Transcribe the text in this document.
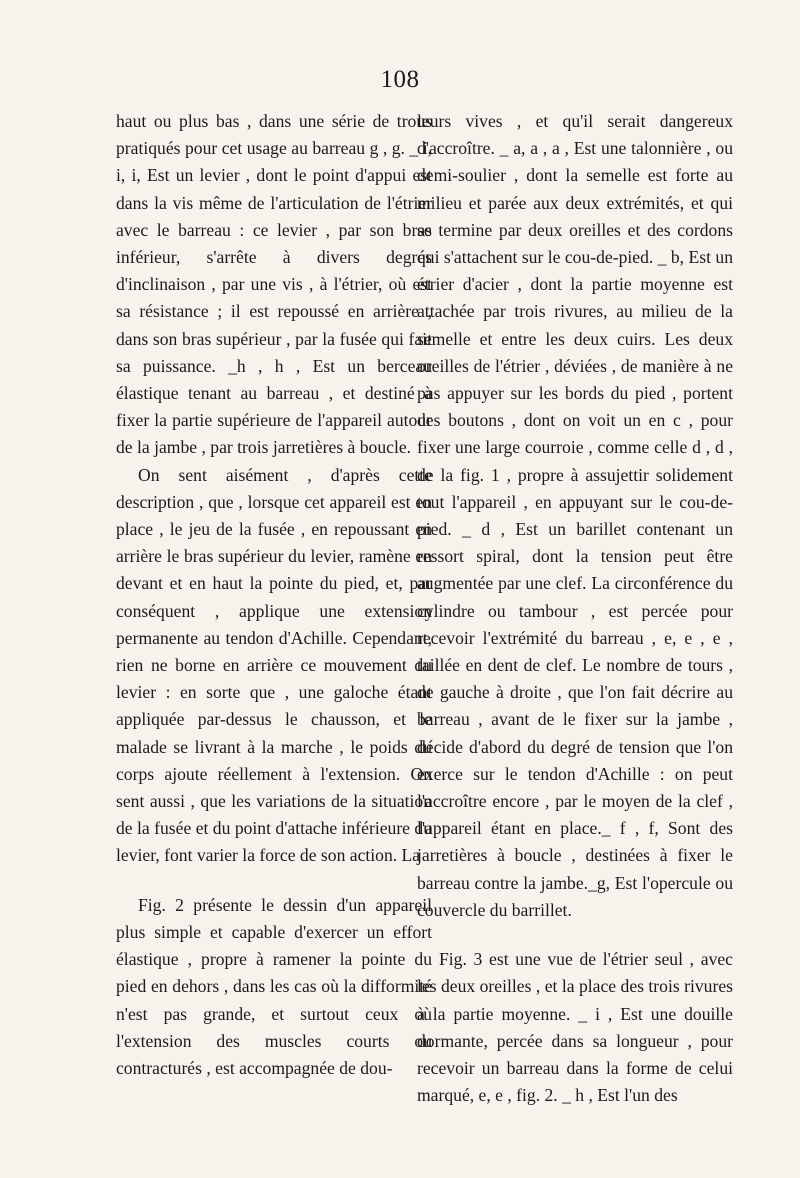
108

haut ou plus bas , dans une série de trous pratiqués pour cet usage au barreau g , g. _ i, i, i, Est un levier , dont le point d'appui est dans la vis même de l'articulation de l'étrier avec le barreau : ce levier , par son bras inférieur, s'arrête à divers degrés d'inclinaison , par une vis , à l'étrier, où est sa résistance ; il est repoussé en arrière , dans son bras supérieur , par la fusée qui fait sa puissance. _h , h , Est un berceau élastique tenant au barreau , et destiné à fixer la partie supérieure de l'appareil autour de la jambe , par trois jarretières à boucle.

On sent aisément , d'après cette description , que , lorsque cet appareil est en place , le jeu de la fusée , en repoussant en arrière le bras supérieur du levier, ramène en devant et en haut la pointe du pied, et, par conséquent , applique une extension permanente au tendon d'Achille. Cependant, rien ne borne en arrière ce mouvement du levier : en sorte que , une galoche étant appliquée par-dessus le chausson, et le malade se livrant à la marche , le poids du corps ajoute réellement à l'extension. On sent aussi , que les variations de la situation de la fusée et du point d'attache inférieure du levier, font varier la force de son action. La

Fig. 2 présente le dessin d'un appareil plus simple et capable d'exercer un effort élastique , propre à ramener la pointe du pied en dehors , dans les cas où la difformité n'est pas grande, et surtout ceux où l'extension des muscles courts ou contracturés , est accompagnée de dou-

leurs vives , et qu'il serait dangereux d'accroître. _ a, a , a , Est une talonnière , ou demi-soulier , dont la semelle est forte au milieu et parée aux deux extrémités, et qui se termine par deux oreilles et des cordons qui s'attachent sur le cou-de-pied. _ b, Est un étrier d'acier , dont la partie moyenne est attachée par trois rivures, au milieu de la semelle et entre les deux cuirs. Les deux oreilles de l'étrier , déviées , de manière à ne pas appuyer sur les bords du pied , portent des boutons , dont on voit un en c , pour fixer une large courroie , comme celle d , d , de la fig. 1 , propre à assujettir solidement tout l'appareil , en appuyant sur le cou-de-pied. _ d , Est un barillet contenant un ressort spiral, dont la tension peut être augmentée par une clef. La circonférence du cylindre ou tambour , est percée pour recevoir l'extrémité du barreau , e, e , e , taillée en dent de clef. Le nombre de tours , de gauche à droite , que l'on fait décrire au barreau , avant de le fixer sur la jambe , décide d'abord du degré de tension que l'on exerce sur le tendon d'Achille : on peut l'accroître encore , par le moyen de la clef , l'appareil étant en place._ f , f, Sont des jarretières à boucle , destinées à fixer le barreau contre la jambe._g, Est l'opercule ou couvercle du barrillet.

Fig. 3 est une vue de l'étrier seul , avec les deux oreilles , et la place des trois rivures à la partie moyenne. _ i , Est une douille dormante, percée dans sa longueur , pour recevoir un barreau dans la forme de celui marqué, e, e , fig. 2. _ h , Est l'un des
